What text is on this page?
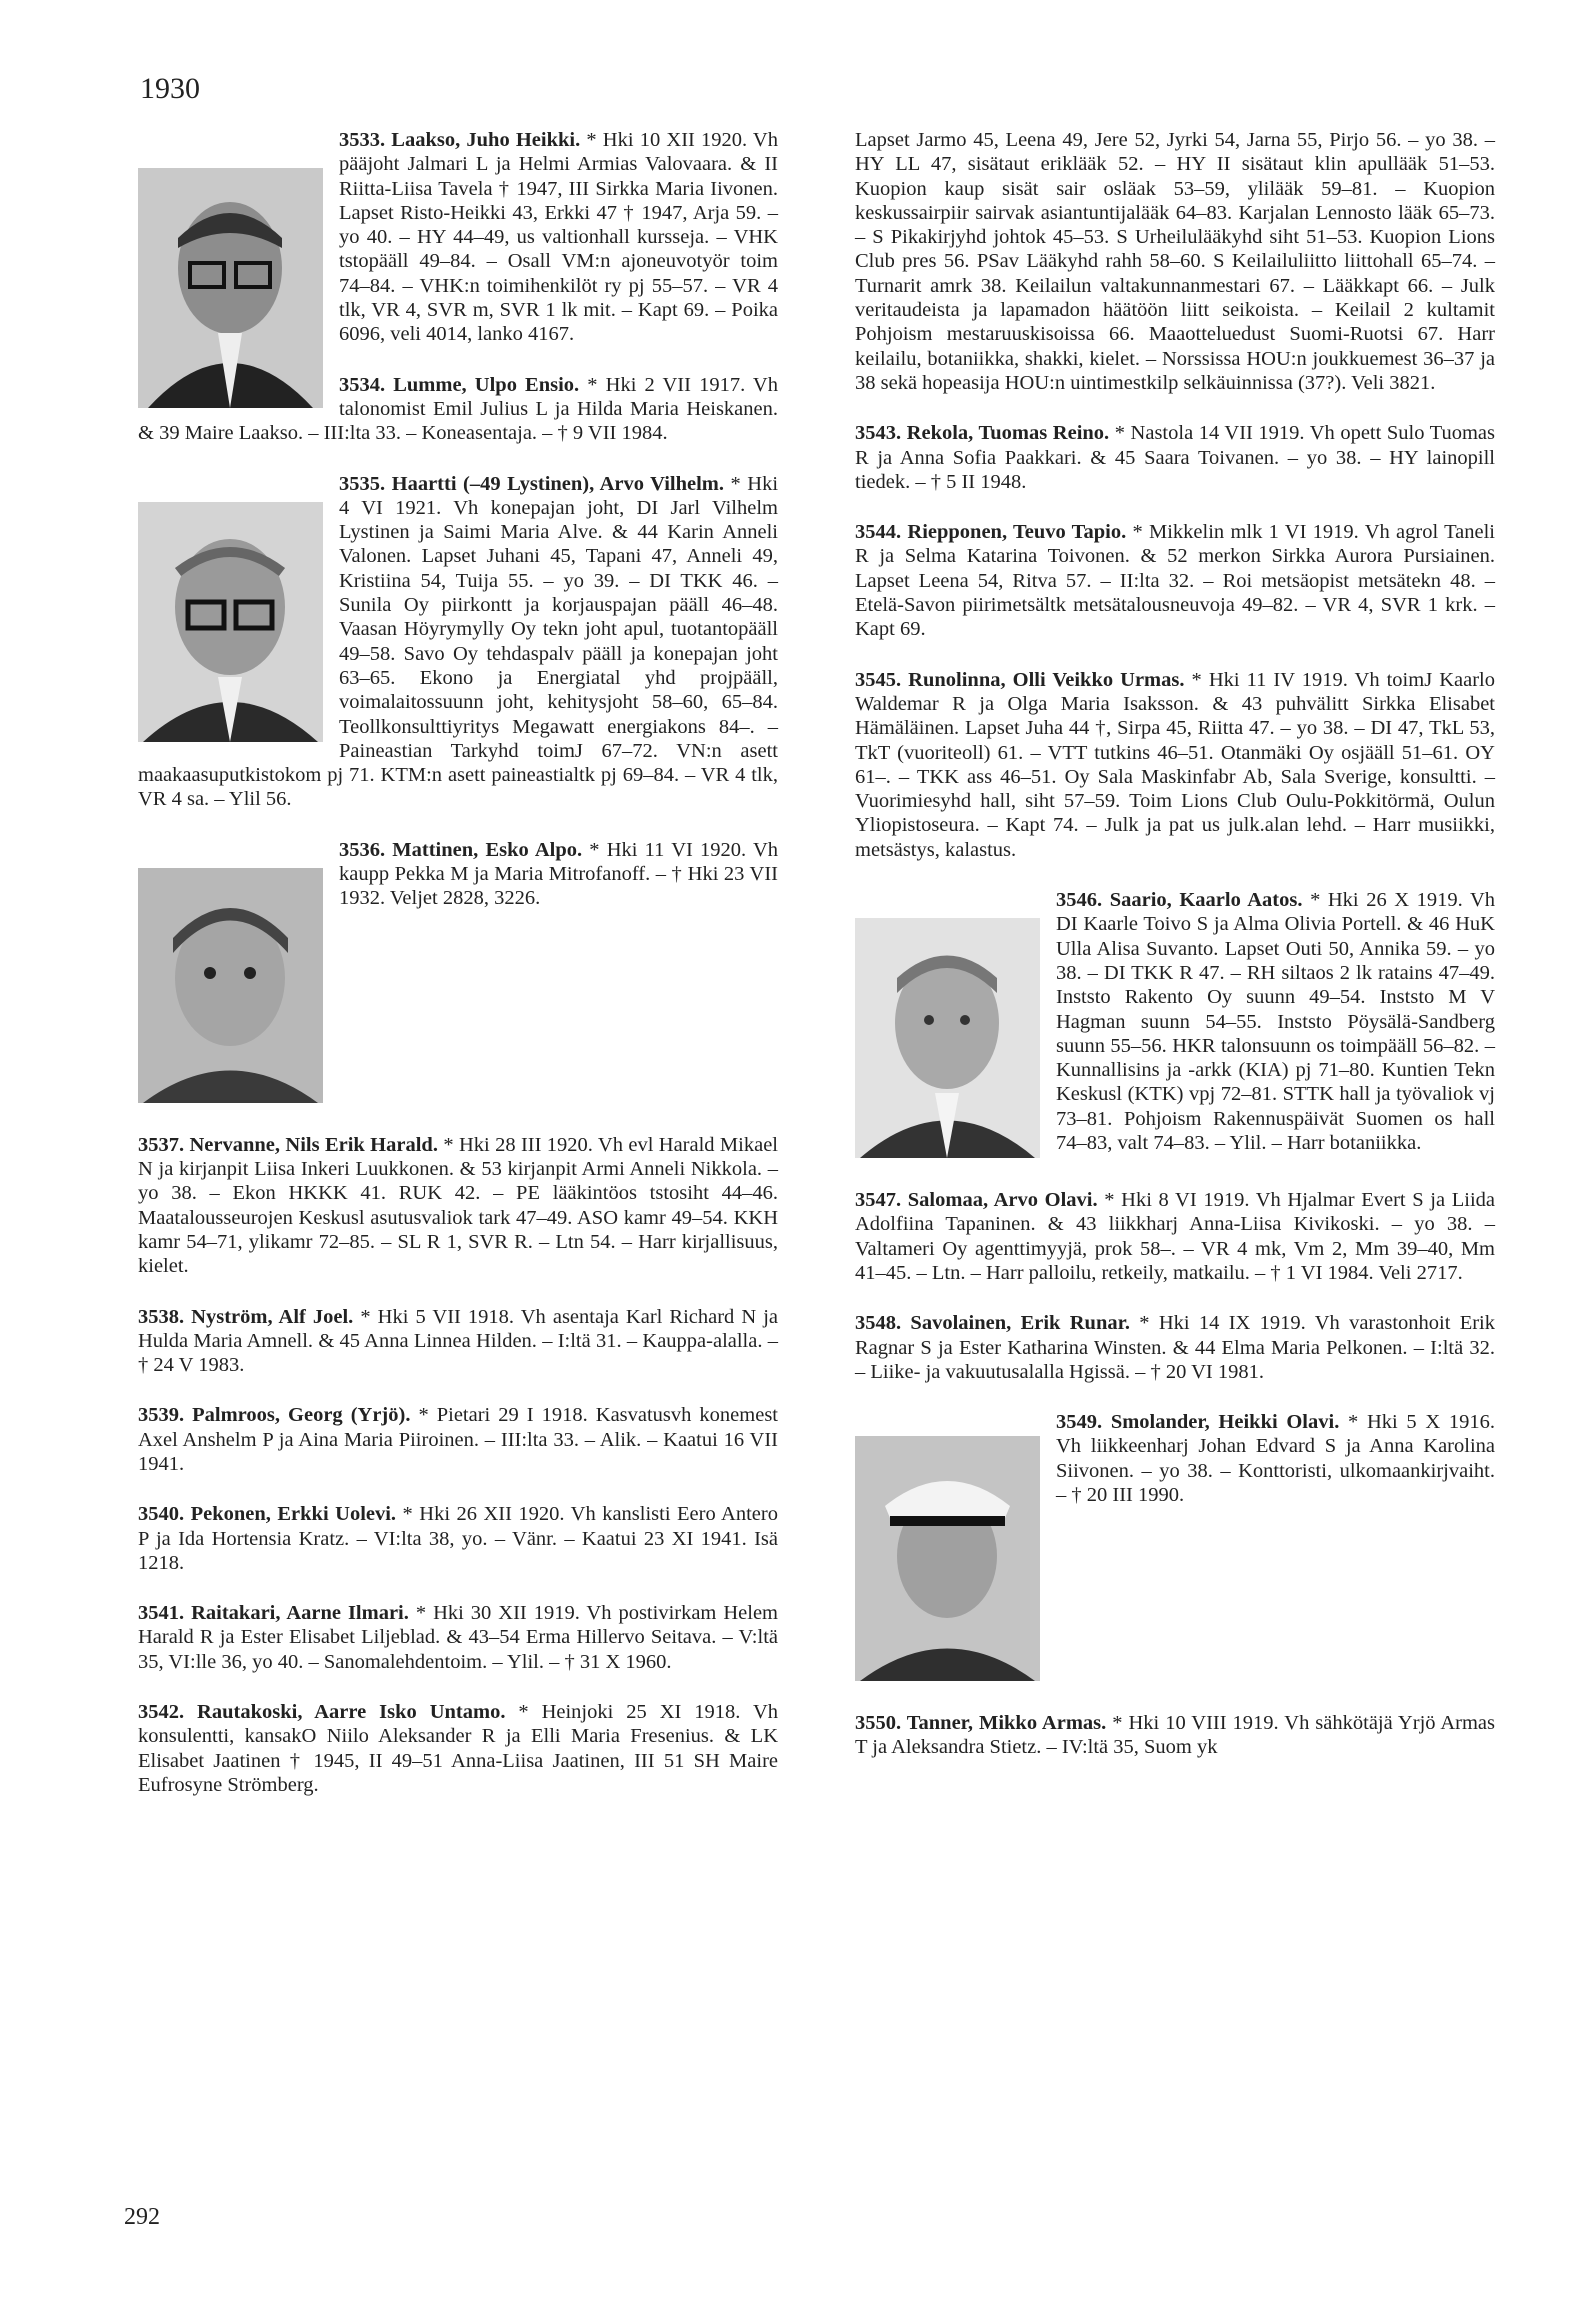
1930
3533. Laakso, Juho Heikki. * Hki 10 XII 1920. Vh pääjoht Jalmari L ja Helmi Armias Valovaara. & II Riitta-Liisa Tavela † 1947, III Sirkka Maria Iivonen. Lapset Risto-Heikki 43, Erkki 47 † 1947, Arja 59. – yo 40. – HY 44–49, us valtionhall kursseja. – VHK tstopääll 49–84. – Osall VM:n ajoneuvotyör toim 74–84. – VHK:n toimihenkilöt ry pj 55–57. – VR 4 tlk, VR 4, SVR m, SVR 1 lk mit. – Kapt 69. – Poika 6096, veli 4014, lanko 4167.
3534. Lumme, Ulpo Ensio. * Hki 2 VII 1917. Vh talonomist Emil Julius L ja Hilda Maria Heiskanen. & 39 Maire Laakso. – III:lta 33. – Koneasentaja. – † 9 VII 1984.
3535. Haartti (–49 Lystinen), Arvo Vilhelm. * Hki 4 VI 1921. Vh konepajan joht, DI Jarl Vilhelm Lystinen ja Saimi Maria Alve. & 44 Karin Anneli Valonen. Lapset Juhani 45, Tapani 47, Anneli 49, Kristiina 54, Tuija 55. – yo 39. – DI TKK 46. – Sunila Oy piirkontt ja korjauspajan pääll 46–48. Vaasan Höyrymylly Oy tekn joht apul, tuotantopääll 49–58. Savo Oy tehdaspalv pääll ja konepajan joht 63–65. Ekono ja Energiatal yhd projpääll, voimalaitossuunn joht, kehitysjoht 58–60, 65–84. Teollkonsulttiyritys Megawatt energiakons 84–. – Paineastian Tarkyhd toimJ 67–72. VN:n asett maakaasuputkistokom pj 71. KTM:n asett paineastialtk pj 69–84. – VR 4 tlk, VR 4 sa. – Ylil 56.
3536. Mattinen, Esko Alpo. * Hki 11 VI 1920. Vh kaupp Pekka M ja Maria Mitrofanoff. – † Hki 23 VII 1932. Veljet 2828, 3226.
3537. Nervanne, Nils Erik Harald. * Hki 28 III 1920. Vh evl Harald Mikael N ja kirjanpit Liisa Inkeri Luukkonen. & 53 kirjanpit Armi Anneli Nikkola. – yo 38. – Ekon HKKK 41. RUK 42. – PE lääkintöos tstosiht 44–46. Maatalousseurojen Keskusl asutusvaliok tark 47–49. ASO kamr 49–54. KKH kamr 54–71, ylikamr 72–85. – SL R 1, SVR R. – Ltn 54. – Harr kirjallisuus, kielet.
3538. Nyström, Alf Joel. * Hki 5 VII 1918. Vh asentaja Karl Richard N ja Hulda Maria Amnell. & 45 Anna Linnea Hilden. – I:ltä 31. – Kauppa-alalla. – † 24 V 1983.
3539. Palmroos, Georg (Yrjö). * Pietari 29 I 1918. Kasvatusvh konemest Axel Anshelm P ja Aina Maria Piiroinen. – III:lta 33. – Alik. – Kaatui 16 VII 1941.
3540. Pekonen, Erkki Uolevi. * Hki 26 XII 1920. Vh kanslisti Eero Antero P ja Ida Hortensia Kratz. – VI:lta 38, yo. – Vänr. – Kaatui 23 XI 1941. Isä 1218.
3541. Raitakari, Aarne Ilmari. * Hki 30 XII 1919. Vh postivirkam Helem Harald R ja Ester Elisabet Liljeblad. & 43–54 Erma Hillervo Seitava. – V:ltä 35, VI:lle 36, yo 40. – Sanomalehdentoim. – Ylil. – † 31 X 1960.
3542. Rautakoski, Aarre Isko Untamo. * Heinjoki 25 XI 1918. Vh konsulentti, kansakO Niilo Aleksander R ja Elli Maria Fresenius. & LK Elisabet Jaatinen † 1945, II 49–51 Anna-Liisa Jaatinen, III 51 SH Maire Eufrosyne Strömberg.
Lapset Jarmo 45, Leena 49, Jere 52, Jyrki 54, Jarna 55, Pirjo 56. – yo 38. – HY LL 47, sisätaut eriklääk 52. – HY II sisätaut klin apullääk 51–53. Kuopion kaup sisät sair osläak 53–59, ylilääk 59–81. – Kuopion keskussairpiir sairvak asiantuntijalääk 64–83. Karjalan Lennosto lääk 65–73. – S Pikakirjyhd johtok 45–53. S Urheilulääkyhd siht 51–53. Kuopion Lions Club pres 56. PSav Lääkyhd rahh 58–60. S Keilailuliitto liittohall 65–74. – Turnarit amrk 38. Keilailun valtakunnanmestari 67. – Lääkkapt 66. – Julk veritaudeista ja lapamadon häätöön liitt seikoista. – Keilail 2 kultamit Pohjoism mestaruuskisoissa 66. Maaotteluedust Suomi-Ruotsi 67. Harr keilailu, botaniikka, shakki, kielet. – Norssissa HOU:n joukkuemest 36–37 ja 38 sekä hopeasija HOU:n uintimestkilp selkäuinnissa (37?). Veli 3821.
3543. Rekola, Tuomas Reino. * Nastola 14 VII 1919. Vh opett Sulo Tuomas R ja Anna Sofia Paakkari. & 45 Saara Toivanen. – yo 38. – HY lainopill tiedek. – † 5 II 1948.
3544. Riepponen, Teuvo Tapio. * Mikkelin mlk 1 VI 1919. Vh agrol Taneli R ja Selma Katarina Toivonen. & 52 merkon Sirkka Aurora Pursiainen. Lapset Leena 54, Ritva 57. – II:lta 32. – Roi metsäopist metsätekn 48. – Etelä-Savon piirimetsältk metsätalousneuvoja 49–82. – VR 4, SVR 1 krk. – Kapt 69.
3545. Runolinna, Olli Veikko Urmas. * Hki 11 IV 1919. Vh toimJ Kaarlo Waldemar R ja Olga Maria Isaksson. & 43 puhvälitt Sirkka Elisabet Hämäläinen. Lapset Juha 44 †, Sirpa 45, Riitta 47. – yo 38. – DI 47, TkL 53, TkT (vuoriteoll) 61. – VTT tutkins 46–51. Otanmäki Oy osjääll 51–61. OY 61–. – TKK ass 46–51. Oy Sala Maskinfabr Ab, Sala Sverige, konsultti. – Vuorimiesyhd hall, siht 57–59. Toim Lions Club Oulu-Pokkitörmä, Oulun Yliopistoseura. – Kapt 74. – Julk ja pat us julk.alan lehd. – Harr musiikki, metsästys, kalastus.
3546. Saario, Kaarlo Aatos. * Hki 26 X 1919. Vh DI Kaarle Toivo S ja Alma Olivia Portell. & 46 HuK Ulla Alisa Suvanto. Lapset Outi 50, Annika 59. – yo 38. – DI TKK R 47. – RH siltaos 2 lk ratains 47–49. Inststo Rakento Oy suunn 49–54. Inststo M V Hagman suunn 54–55. Inststo Pöysälä-Sandberg suunn 55–56. HKR talonsuunn os toimpääll 56–82. – Kunnallisins ja -arkk (KIA) pj 71–80. Kuntien Tekn Keskusl (KTK) vpj 72–81. STTK hall ja työvaliok vj 73–81. Pohjoism Rakennuspäivät Suomen os hall 74–83, valt 74–83. – Ylil. – Harr botaniikka.
3547. Salomaa, Arvo Olavi. * Hki 8 VI 1919. Vh Hjalmar Evert S ja Liida Adolfiina Tapaninen. & 43 liikkharj Anna-Liisa Kivikoski. – yo 38. – Valtameri Oy agenttimyyjä, prok 58–. – VR 4 mk, Vm 2, Mm 39–40, Mm 41–45. – Ltn. – Harr palloilu, retkeily, matkailu. – † 1 VI 1984. Veli 2717.
3548. Savolainen, Erik Runar. * Hki 14 IX 1919. Vh varastonhoit Erik Ragnar S ja Ester Katharina Winsten. & 44 Elma Maria Pelkonen. – I:ltä 32. – Liike- ja vakuutusalalla Hgissä. – † 20 VI 1981.
3549. Smolander, Heikki Olavi. * Hki 5 X 1916. Vh liikkeenharj Johan Edvard S ja Anna Karolina Siivonen. – yo 38. – Konttoristi, ulkomaankirjvaiht. – † 20 III 1990.
3550. Tanner, Mikko Armas. * Hki 10 VIII 1919. Vh sähkötäjä Yrjö Armas T ja Aleksandra Stietz. – IV:ltä 35, Suom yk
292
